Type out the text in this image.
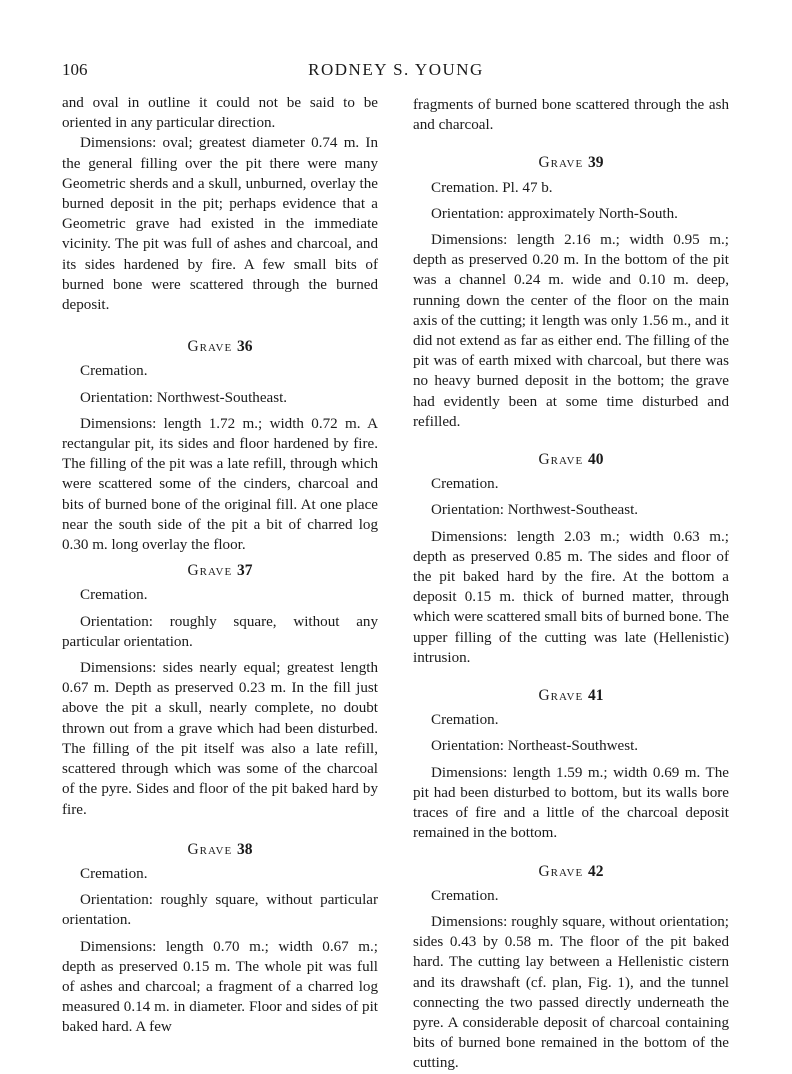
106	RODNEY S. YOUNG

and oval in outline it could not be said to be oriented in any particular direction.

Dimensions: oval; greatest diameter 0.74 m. In the general filling over the pit there were many Geometric sherds and a skull, unburned, overlay the burned deposit in the pit; perhaps evidence that a Geometric grave had existed in the immediate vicinity. The pit was full of ashes and charcoal, and its sides hardened by fire. A few small bits of burned bone were scattered through the burned deposit.

Grave 36

Cremation.

Orientation: Northwest-Southeast.

Dimensions: length 1.72 m.; width 0.72 m. A rectangular pit, its sides and floor hardened by fire. The filling of the pit was a late refill, through which were scattered some of the cinders, charcoal and bits of burned bone of the original fill. At one place near the south side of the pit a bit of charred log 0.30 m. long overlay the floor.

Grave 37

Cremation.

Orientation: roughly square, without any particular orientation.

Dimensions: sides nearly equal; greatest length 0.67 m. Depth as preserved 0.23 m. In the fill just above the pit a skull, nearly complete, no doubt thrown out from a grave which had been disturbed. The filling of the pit itself was also a late refill, scattered through which was some of the charcoal of the pyre. Sides and floor of the pit baked hard by fire.

Grave 38

Cremation.

Orientation: roughly square, without particular orientation.

Dimensions: length 0.70 m.; width 0.67 m.; depth as preserved 0.15 m. The whole pit was full of ashes and charcoal; a fragment of a charred log measured 0.14 m. in diameter. Floor and sides of pit baked hard. A few

fragments of burned bone scattered through the ash and charcoal.

Grave 39

Cremation. Pl. 47 b.

Orientation: approximately North-South.

Dimensions: length 2.16 m.; width 0.95 m.; depth as preserved 0.20 m. In the bottom of the pit was a channel 0.24 m. wide and 0.10 m. deep, running down the center of the floor on the main axis of the cutting; it length was only 1.56 m., and it did not extend as far as either end. The filling of the pit was of earth mixed with charcoal, but there was no heavy burned deposit in the bottom; the grave had evidently been at some time disturbed and refilled.

Grave 40

Cremation.

Orientation: Northwest-Southeast.

Dimensions: length 2.03 m.; width 0.63 m.; depth as preserved 0.85 m. The sides and floor of the pit baked hard by the fire. At the bottom a deposit 0.15 m. thick of burned matter, through which were scattered small bits of burned bone. The upper filling of the cutting was late (Hellenistic) intrusion.

Grave 41

Cremation.

Orientation: Northeast-Southwest.

Dimensions: length 1.59 m.; width 0.69 m. The pit had been disturbed to bottom, but its walls bore traces of fire and a little of the charcoal deposit remained in the bottom.

Grave 42

Cremation.

Dimensions: roughly square, without orientation; sides 0.43 by 0.58 m. The floor of the pit baked hard. The cutting lay between a Hellenistic cistern and its drawshaft (cf. plan, Fig. 1), and the tunnel connecting the two passed directly underneath the pyre. A considerable deposit of charcoal containing bits of burned bone remained in the bottom of the cutting.
